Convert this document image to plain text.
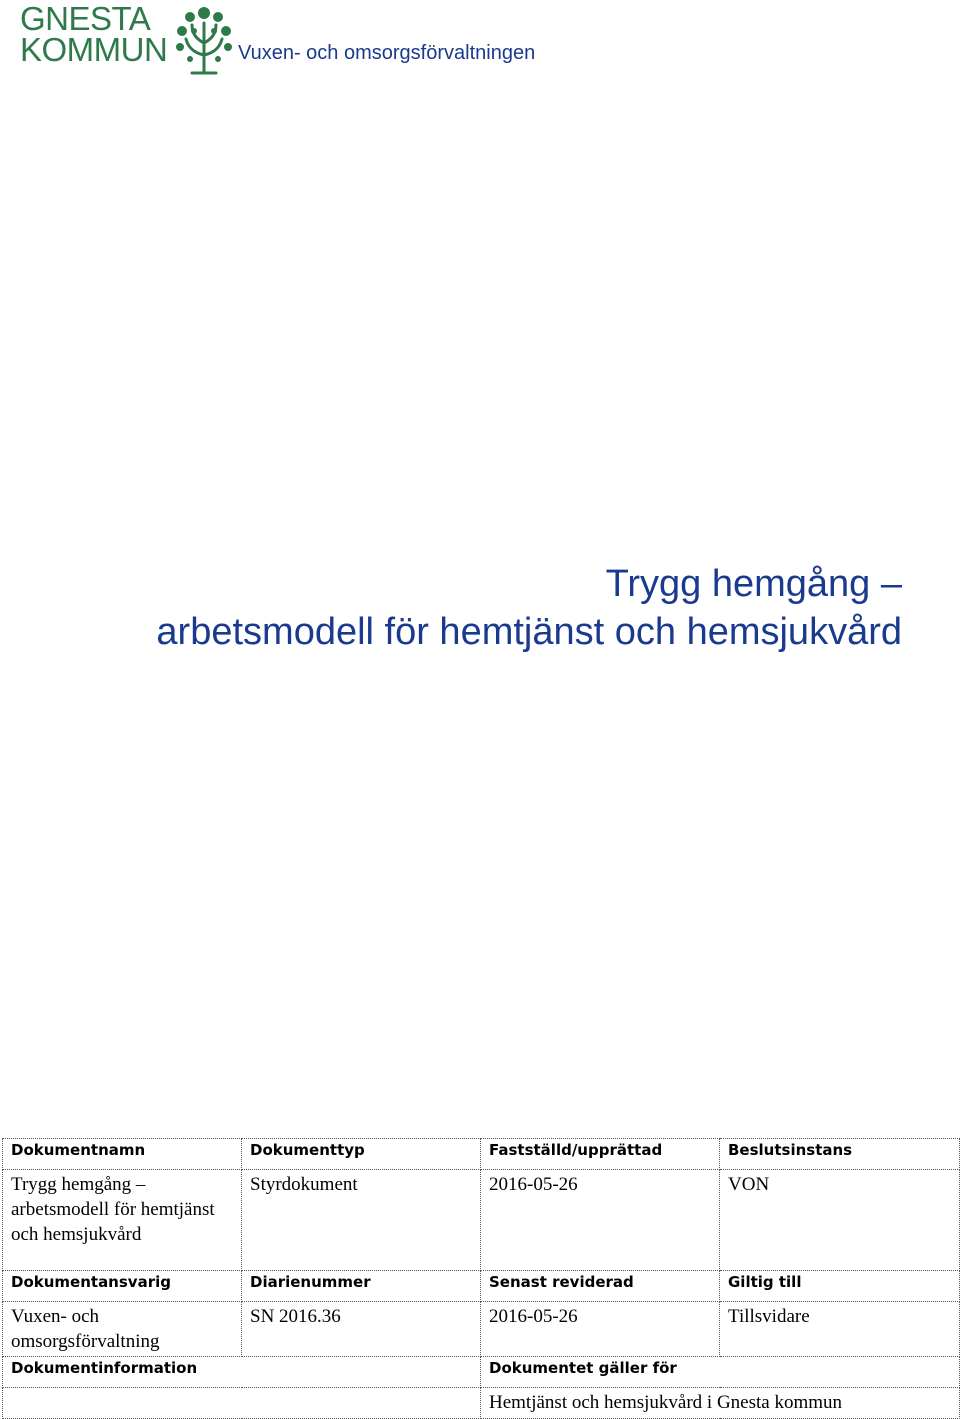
GNESTA
KOMMUN	Vuxen- och omsorgsförvaltningen
Trygg hemgång –
arbetsmodell för hemtjänst och hemsjukvård
Dokumentnamn	Dokumenttyp	Fastställd/upprättad	Beslutsinstans
Trygg hemgång – arbetsmodell för hemtjänst och hemsjukvård	Styrdokument	2016-05-26	VON
Dokumentansvarig	Diarienummer	Senast reviderad	Giltig till
Vuxen- och omsorgsförvaltning	SN 2016.36	2016-05-26	Tillsvidare
Dokumentinformation		Dokumentet gäller för	
		Hemtjänst och hemsjukvård i Gnesta kommun	
